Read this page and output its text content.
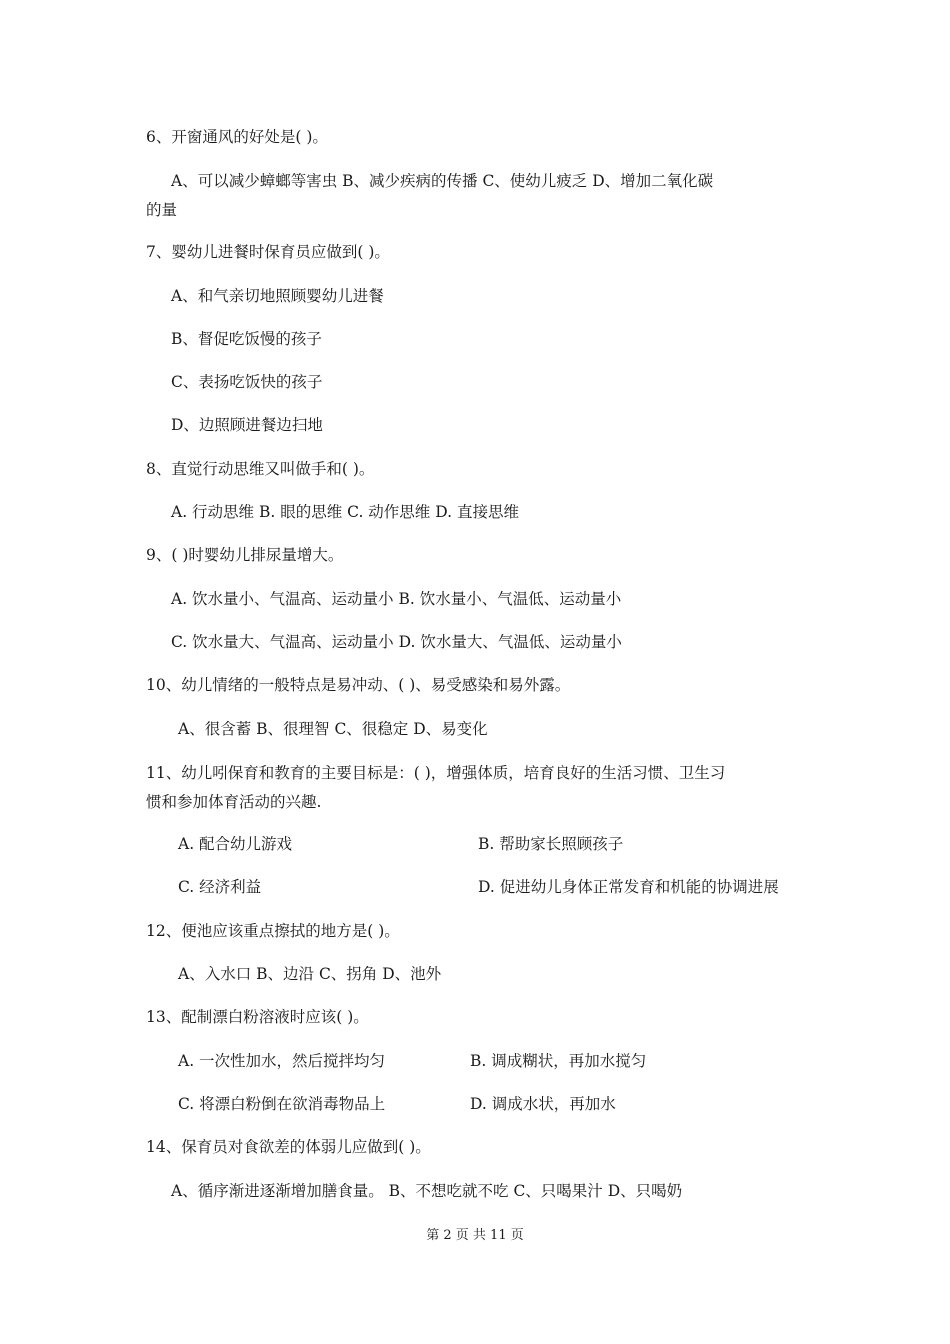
6、开窗通风的好处是( )。
A、可以减少蟑螂等害虫 B、减少疾病的传播 C、使幼儿疲乏 D、增加二氧化碳
的量
7、婴幼儿进餐时保育员应做到( )。
A、和气亲切地照顾婴幼儿进餐
B、督促吃饭慢的孩子
C、表扬吃饭快的孩子
D、边照顾进餐边扫地
8、直觉行动思维又叫做手和( )。
A. 行动思维 B. 眼的思维 C. 动作思维 D. 直接思维
9、( )时婴幼儿排尿量增大。
A. 饮水量小、气温高、运动量小 B. 饮水量小、气温低、运动量小
C. 饮水量大、气温高、运动量小 D. 饮水量大、气温低、运动量小
10、幼儿情绪的一般特点是易冲动、( )、易受感染和易外露。
A、很含蓄 B、很理智 C、很稳定 D、易变化
11、幼儿吲保育和教育的主要目标是：( )，增强体质，培育良好的生活习惯、卫生习
惯和参加体育活动的兴趣.
A. 配合幼儿游戏	B. 帮助家长照顾孩子
C. 经济利益	D. 促进幼儿身体正常发育和机能的协调进展
12、便池应该重点擦拭的地方是( )。
A、入水口 B、边沿 C、拐角 D、池外
13、配制漂白粉溶液时应该( )。
A. 一次性加水，然后搅拌均匀	B. 调成糊状，再加水搅匀
C. 将漂白粉倒在欲消毒物品上	D. 调成水状，再加水
14、保育员对食欲差的体弱儿应做到( )。
A、循序渐进逐渐增加膳食量。 B、不想吃就不吃 C、只喝果汁 D、只喝奶
第 2 页 共 11 页
